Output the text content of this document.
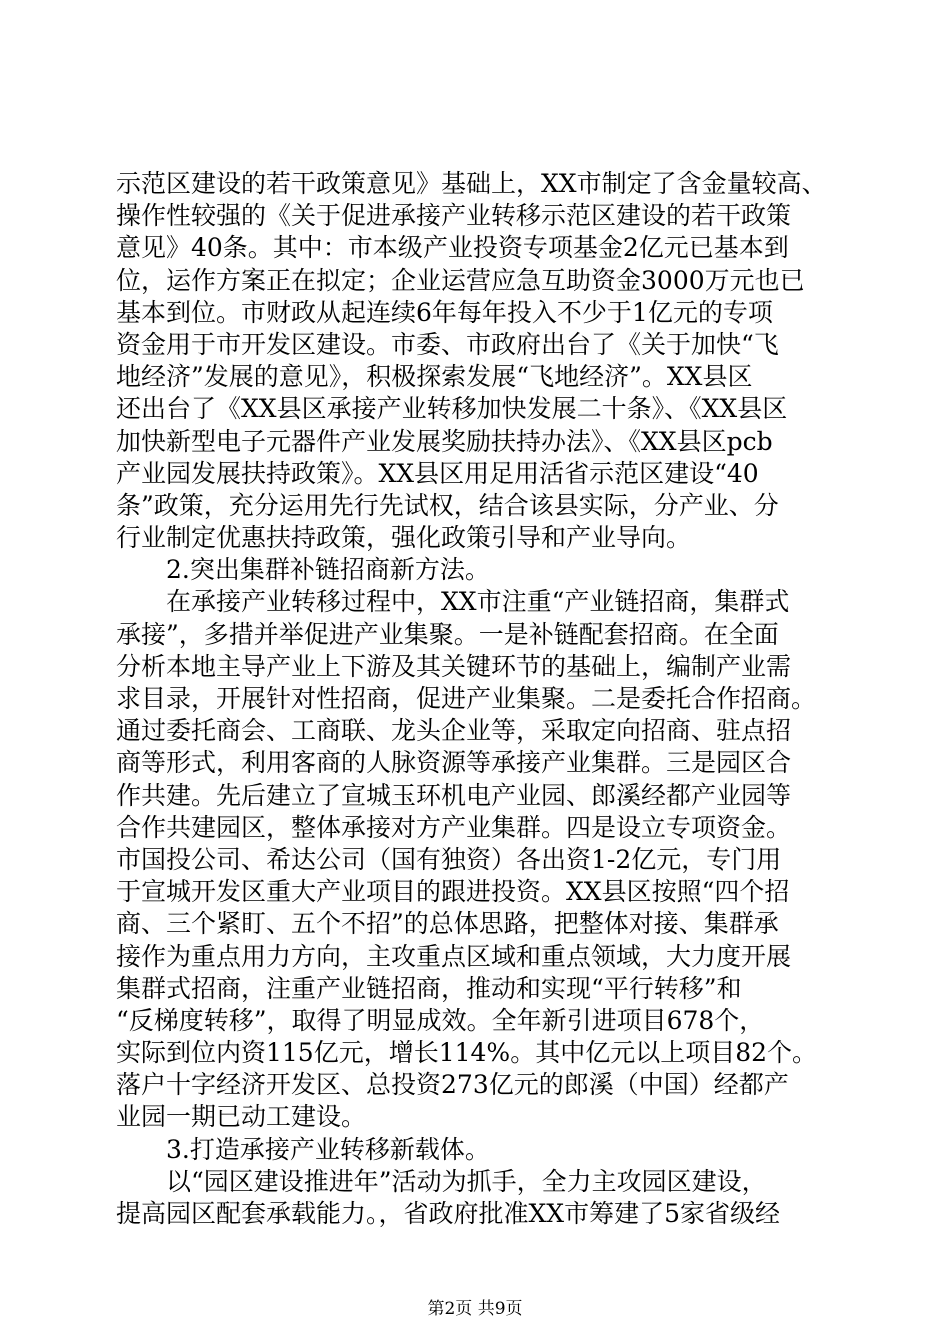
示范区建设的若干政策意见》基础上，XX市制定了含金量较高、
操作性较强的《关于促进承接产业转移示范区建设的若干政策
意见》40条。其中：市本级产业投资专项基金2亿元已基本到
位，运作方案正在拟定；企业运营应急互助资金3000万元也已
基本到位。市财政从起连续6年每年投入不少于1亿元的专项
资金用于市开发区建设。市委、市政府出台了《关于加快“飞
地经济”发展的意见》，积极探索发展“飞地经济”。XX县区
还出台了《XX县区承接产业转移加快发展二十条》、《XX县区
加快新型电子元器件产业发展奖励扶持办法》、《XX县区pcb
产业园发展扶持政策》。XX县区用足用活省示范区建设“40
条”政策，充分运用先行先试权，结合该县实际，分产业、分
行业制定优惠扶持政策，强化政策引导和产业导向。
　　2.突出集群补链招商新方法。
　　在承接产业转移过程中，XX市注重“产业链招商，集群式
承接”，多措并举促进产业集聚。一是补链配套招商。在全面
分析本地主导产业上下游及其关键环节的基础上，编制产业需
求目录，开展针对性招商，促进产业集聚。二是委托合作招商。
通过委托商会、工商联、龙头企业等，采取定向招商、驻点招
商等形式，利用客商的人脉资源等承接产业集群。三是园区合
作共建。先后建立了宣城玉环机电产业园、郎溪经都产业园等
合作共建园区，整体承接对方产业集群。四是设立专项资金。
市国投公司、希达公司（国有独资）各出资1-2亿元，专门用
于宣城开发区重大产业项目的跟进投资。XX县区按照“四个招
商、三个紧盯、五个不招”的总体思路，把整体对接、集群承
接作为重点用力方向，主攻重点区域和重点领域，大力度开展
集群式招商，注重产业链招商，推动和实现“平行转移”和
“反梯度转移”，取得了明显成效。全年新引进项目678个，
实际到位内资115亿元，增长114%。其中亿元以上项目82个。
落户十字经济开发区、总投资273亿元的郎溪（中国）经都产
业园一期已动工建设。
　　3.打造承接产业转移新载体。
　　以“园区建设推进年”活动为抓手，全力主攻园区建设，
提高园区配套承载能力。，省政府批准XX市筹建了5家省级经
第2页 共9页
